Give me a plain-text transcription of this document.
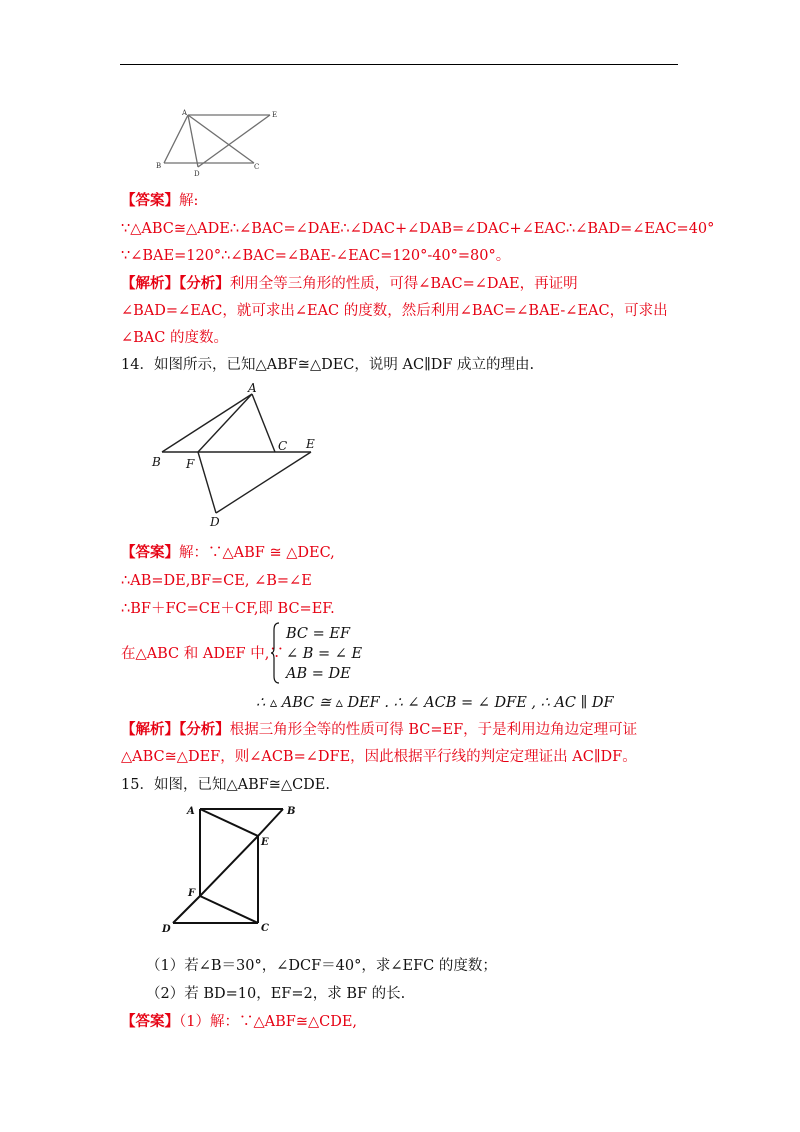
A	E
B
D
C
【答案】解:
∵△ABC≅△ADE∴∠BAC=∠DAE∴∠DAC+∠DAB=∠DAC+∠EAC∴∠BAD=∠EAC=40°
∵∠BAE=120°∴∠BAC=∠BAE-∠EAC=120°-40°=80°。
【解析】【分析】利用全等三角形的性质，可得∠BAC=∠DAE，再证明
∠BAD=∠EAC，就可求出∠EAC 的度数，然后利用∠BAC=∠BAE-∠EAC，可求出
∠BAC 的度数。
14．如图所示，已知△ABF≅△DEC，说明 AC∥DF 成立的理由.
A
B F
C E
D
【答案】解：∵△ABF ≅ △DEC,
∴AB=DE,BF=CE, ∠B=∠E
∴BF＋FC=CE＋CF,即 BC=EF.
在△ABC 和 ADEF 中,∵
BC = EF
∠ B = ∠ E
AB = DE
∴ ▵ ABC ≅ ▵ DEF . ∴ ∠ ACB = ∠ DFE , ∴ AC ∥ DF
【解析】【分析】根据三角形全等的性质可得 BC=EF，于是利用边角边定理可证
△ABC≅△DEF，则∠ACB=∠DFE，因此根据平行线的判定定理证出 AC∥DF。
15．如图，已知△ABF≅△CDE.
A	B
E
F
D	C
（1）若∠B＝30°，∠DCF＝40°，求∠EFC 的度数；
（2）若 BD=10，EF=2，求 BF 的长.
【答案】（1）解：∵△ABF≅△CDE,
